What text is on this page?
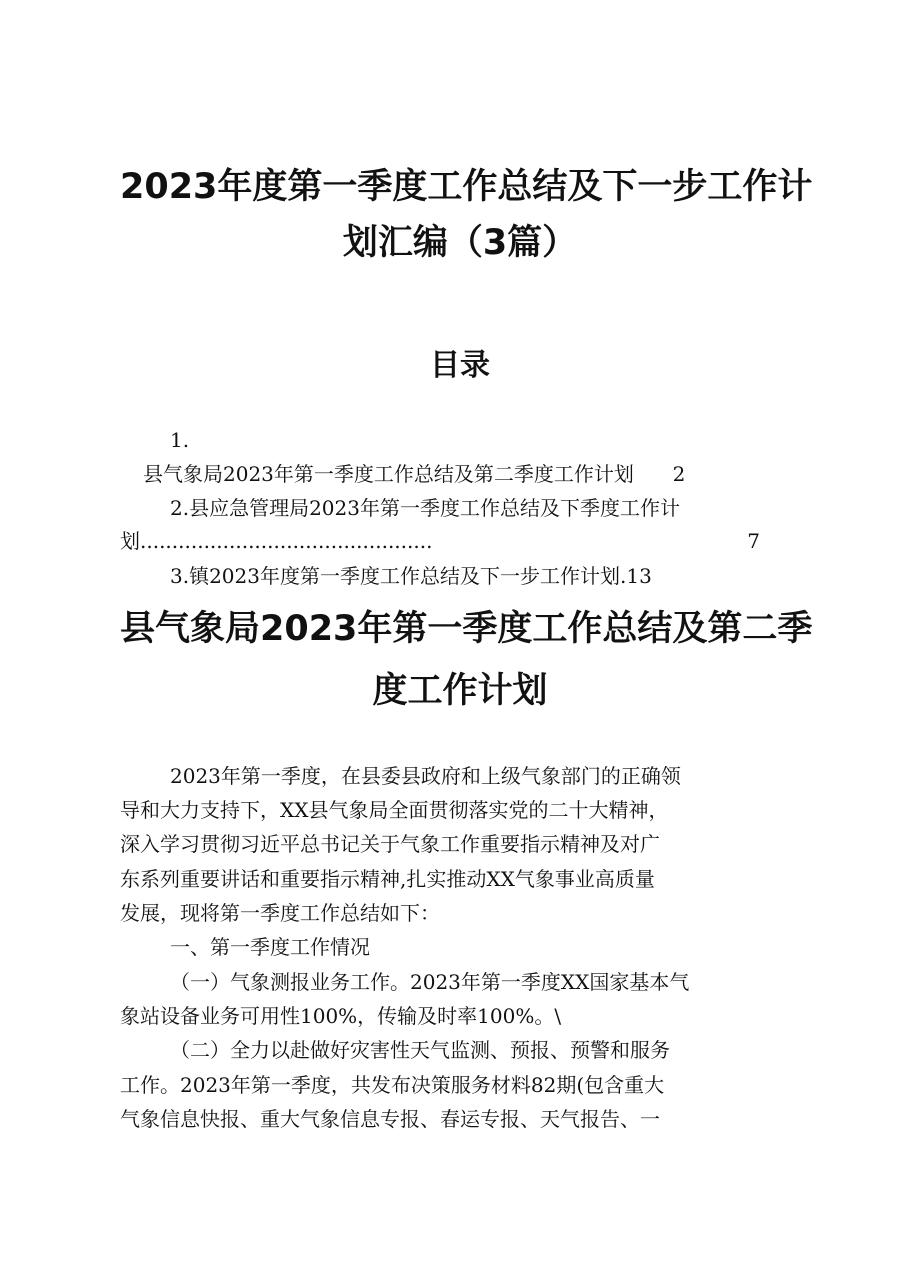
2023年度第一季度工作总结及下一步工作计
划汇编（3篇）
目录
1.
县气象局2023年第一季度工作总结及第二季度工作计划 2
2.县应急管理局2023年第一季度工作总结及下季度工作计
划 ..............................................	7
3.镇2023年度第一季度工作总结及下一步工作计划.13
县气象局2023年第一季度工作总结及第二季
度工作计划
2023年第一季度，在县委县政府和上级气象部门的正确领
导和大力支持下，XX县气象局全面贯彻落实党的二十大精神，
深入学习贯彻习近平总书记关于气象工作重要指示精神及对广
东系列重要讲话和重要指示精神,扎实推动XX气象事业高质量
发展，现将第一季度工作总结如下：
一、第一季度工作情况
（一）气象测报业务工作。2023年第一季度XX国家基本气
象站设备业务可用性100%，传输及时率100%。\
（二）全力以赴做好灾害性天气监测、预报、预警和服务
工作。2023年第一季度，共发布决策服务材料82期(包含重大
气象信息快报、重大气象信息专报、春运专报、天气报告、一
